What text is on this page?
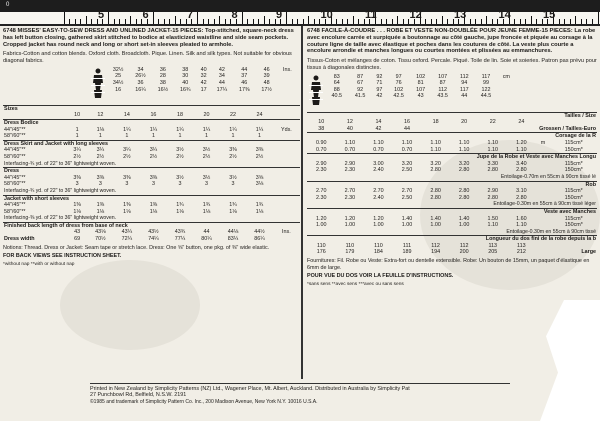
0
5	6	7	8	9	10	11	12	13	14	15
6748 MISSES' EASY-TO-SEW DRESS AND UNLINED JACKET-15 PIECES: Top-stitched, square-neck dress has left button closing, gathered skirt stitched to bodice at elasticized waistline and side seam pockets. Cropped jacket has round neck and long or short set-in sleeves pleated to armhole.
Fabrics-Cotton and cotton blends. Oxford cloth. Broadcloth. Pique. Linen. Silk and silk types. Not suitable for obvious diagonal fabrics.
32½	34	36	38	40	42	44	46	Ins.
25	26½	28	30	32	34	37	39	
34½	36	38	40	42	44	46	48	
16	16¼	16½	16¾	17	17¼	17⅜	17½	
Sizes	
	10	12	14	16	18	20	22	24	
Dress Bodice									
44"/45"**	1	1⅛	1¼	1¼	1¼	1¼	1¼	1¼	Yds.
58"/60"**	1	1	1	1	1	1	1	1	
Dress Skirt and Jacket with long sleeves									
44"/45"**	3¼	3¼	3¼	3¼	3½	3½	3⅜	3⅜	
58"/60"**	2½	2½	2½	2½	2½	2½	2½	2½	
Interfacing-¾ yd. of 22" to 36" lightweight woven.									
Dress									
44"/45"**	3⅜	3⅜	3⅜	3⅜	3½	3½	3½	3⅝	
58"/60"**	3	3	3	3	3	3	3	3⅛	
Interfacing-¾ yd. of 22" to 36" lightweight woven.									
Jacket with short sleeves									
44"/45"**	1⅜	1⅜	1⅜	1⅜	1¾	1¾	1¾	1¾	
58"/60"**	1⅛	1⅛	1⅛	1⅛	1⅛	1⅛	1⅛	1⅛	
Interfacing-⅜ yd. of 22" to 36" lightweight woven.									
Finished back length of dress from base of neck									
	43	43⅛	43¼	43½	43¾	44	44⅛	44½	Ins.
Dress width	69	70½	72¼	74¼	77¼	80¼	83¼	86¼	
Notions: Thread. Dress or Jacket: Seam tape or stretch lace. Dress: One ⅝" button, one pkg. of ⅜" wide elastic.
FOR BACK VIEWS SEE INSTRUCTION SHEET.
*without nap **with or without nap
6748 FACILE-À-COUDRE . . . ROBE ET VESTE NON-DOUBLÉE POUR JEUNE FEMME-15 PIECES: La robe avec encolure carrée et surpiquée a boutonnage au côté gauche, jupe froncée et piquée au corsage à la couture ligne de taille avec élastique et poches dans les coutures de côté. La veste plus courte a encolure arrondie et manches longues ou courtes montées et plissées au emmanchures.
Tissus-Coton et mélanges de coton. Tissu oxford. Percale. Piqué. Toile de lin. Soie et soieries. Patron pas prévu pour tissus à diagonales distinctes.
83	87	92	97	102	107	112	117	cm
64	67	71	76	81	87	94	99	
88	92	97	102	107	112	117	122	
40.5	41.5	42	42.5	43	43.5	44	44.5	
Tailles / Size									
10	12	14	16	18	20	22	24		
38	40	42	44	Grossen / Tailles-Euro					
Corsage de la R									
0.90	1.10	1.10	1.10	1.10	1.10	1.10	1.20	m	115cm*
0.70	0.70	0.70	0.70	1.10	1.10	1.10	1.10		150cm*
Jupe de la Robe et Veste avec Manches Longu									
2.90	2.90	3.00	3.20	3.20	3.20	3.30	3.40		115cm*
2.30	2.30	2.40	2.50	2.80	2.80	2.80	2.80		150cm*
Entoilage-0.70m en 55cm à 90cm tissé lé									
Rob									
2.70	2.70	2.70	2.70	2.80	2.80	2.90	3.10		115cm*
2.30	2.30	2.40	2.50	2.80	2.80	2.80	2.80		150cm*
Entoilage-0.30m en 55cm à 90cm tissé léger									
Veste avec Manches									
1.20	1.20	1.20	1.40	1.40	1.40	1.50	1.60		115cm*
1.00	1.00	1.00	1.00	1.00	1.00	1.10	1.10		150cm*
Entoilage-0.30m en 55cm à 90cm tissé									
Longueur du dos fini de la robe depuis la b									
110	110	110	111	112	112	113	113		
176	179	184	189	194	200	205	212	Large	
Fournitures: Fil. Robe ou Veste: Extra-fort ou dentelle extensible. Robe: Un bouton de 15mm, un paquet d'élastique en 6mm de large.
POUR VUE DU DOS VOIR LA FEUILLE D'INSTRUCTIONS.
*sans sens **avec sens ***avec ou sans sens
Printed in New Zealand by Simplicity Patterns (NZ) Ltd., Wagener Place, Mt. Albert, Auckland. Distributed in Australia by Simplicity Pat
27 Punchbowl Rd, Belfield, N.S.W. 2191
©1985 and trademark of Simplicity Pattern Co. Inc., 200 Madison Avenue, New York N.Y. 10016 U.S.A.
